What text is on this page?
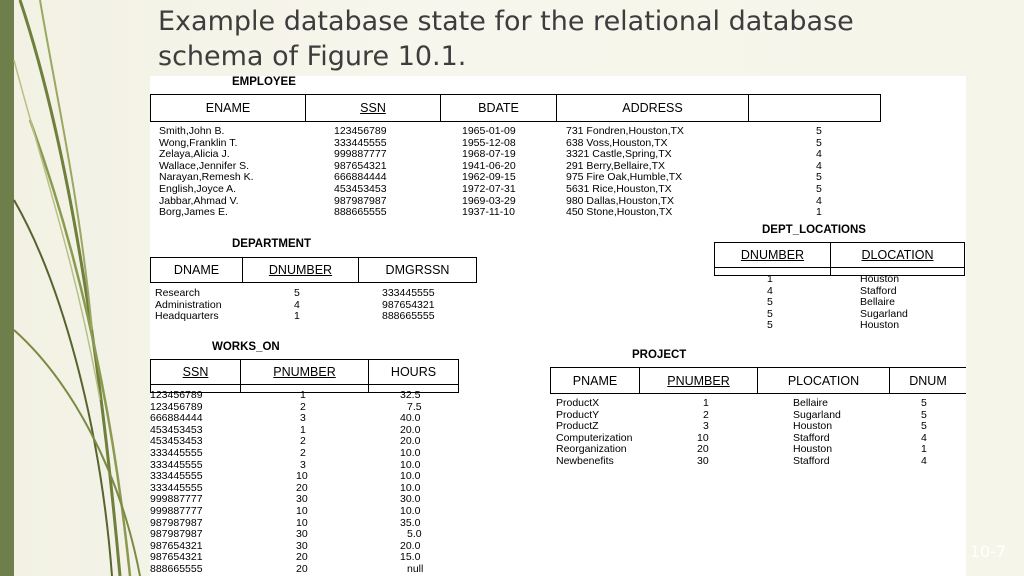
Example database state for the relational database
schema of Figure 10.1.
EMPLOYEE
ENAME	SSN	BDATE	ADDRESS
Smith,John B.	123456789	1965-01-09	731 Fondren,Houston,TX	5
Wong,Franklin T.	333445555	1955-12-08	638 Voss,Houston,TX	5
Zelaya,Alicia J.	999887777	1968-07-19	3321 Castle,Spring,TX	4
Wallace,Jennifer S.	987654321	1941-06-20	291 Berry,Bellaire,TX	4
Narayan,Remesh K.	666884444	1962-09-15	975 Fire Oak,Humble,TX	5
English,Joyce A.	453453453	1972-07-31	5631 Rice,Houston,TX	5
Jabbar,Ahmad V.	987987987	1969-03-29	980 Dallas,Houston,TX	4
Borg,James E.	888665555	1937-11-10	450 Stone,Houston,TX	1
DEPARTMENT
DNAME	DNUMBER	DMGRSSN
Research	5	333445555
Administration	4	987654321
Headquarters	1	888665555
DEPT_LOCATIONS
DNUMBER	DLOCATION
1	Houston
4	Stafford
5	Bellaire
5	Sugarland
5	Houston
WORKS_ON
SSN	PNUMBER	HOURS
123456789	1	32.5
123456789	2	7.5
666884444	3	40.0
453453453	1	20.0
453453453	2	20.0
333445555	2	10.0
333445555	3	10.0
333445555	10	10.0
333445555	20	10.0
999887777	30	30.0
999887777	10	10.0
987987987	10	35.0
987987987	30	5.0
987654321	30	20.0
987654321	20	15.0
888665555	20	null
PROJECT
PNAME	PNUMBER	PLOCATION	DNUM
ProductX	1	Bellaire	5
ProductY	2	Sugarland	5
ProductZ	3	Houston	5
Computerization	10	Stafford	4
Reorganization	20	Houston	1
Newbenefits	30	Stafford	4
10-7
